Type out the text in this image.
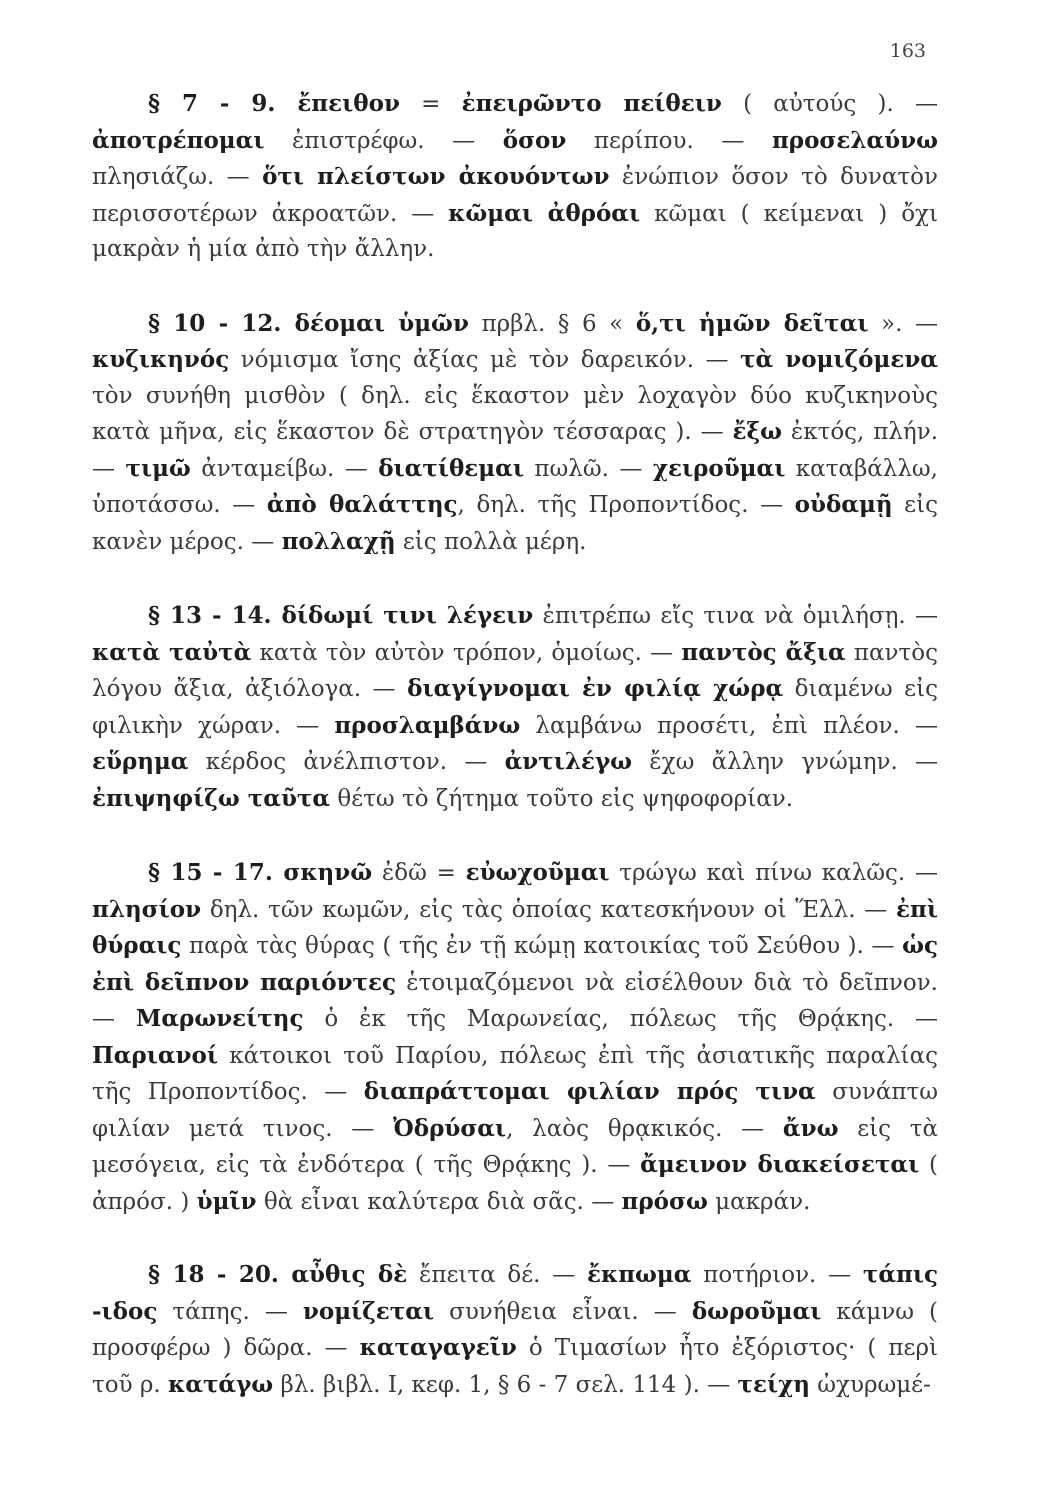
163

§ 7 - 9. ἔπειθον = ἐπειρῶντο πείθειν ( αὐτούς ). — ἀποτρέπομαι ἐπιστρέφω. — ὅσον περίπου. — προσελαύνω πλησιάζω. — ὅτι πλείστων ἀκουόντων ἐνώπιον ὅσον τὸ δυνατὸν περισσοτέρων ἀκροατῶν. — κῶμαι ἀθρόαι κῶμαι ( κείμεναι ) ὄχι μακρὰν ἡ μία ἀπὸ τὴν ἄλλην.

§ 10 - 12. δέομαι ὑμῶν πρβλ. § 6 « ὅ,τι ἡμῶν δεῖται ». — κυζικηνός νόμισμα ἴσης ἀξίας μὲ τὸν δαρεικόν. — τὰ νομιζόμενα τὸν συνήθη μισθὸν ( δηλ. εἰς ἕκαστον μὲν λοχαγὸν δύο κυζικηνοὺς κατὰ μῆνα, εἰς ἕκαστον δὲ στρατηγὸν τέσσαρας ). — ἔξω ἐκτός, πλήν. — τιμῶ ἀνταμείβω. — διατίθεμαι πωλῶ. — χειροῦμαι καταβάλλω, ὑποτάσσω. — ἀπὸ θαλάττης, δηλ. τῆς Προποντίδος. — οὐδαμῇ εἰς κανὲν μέρος. — πολλαχῇ εἰς πολλὰ μέρη.

§ 13 - 14. δίδωμί τινι λέγειν ἐπιτρέπω εἴς τινα νὰ ὁμιλήσῃ. — κατὰ ταὐτὰ κατὰ τὸν αὐτὸν τρόπον, ὁμοίως. — παντὸς ἄξια παντὸς λόγου ἄξια, ἀξιόλογα. — διαγίγνομαι ἐν φιλίᾳ χώρᾳ διαμένω εἰς φιλικὴν χώραν. — προσλαμβάνω λαμβάνω προσέτι, ἐπὶ πλέον. — εὕρημα κέρδος ἀνέλπιστον. — ἀντιλέγω ἔχω ἄλλην γνώμην. — ἐπιψηφίζω ταῦτα θέτω τὸ ζήτημα τοῦτο εἰς ψηφοφορίαν.

§ 15 - 17. σκηνῶ ἐδῶ = εὐωχοῦμαι τρώγω καὶ πίνω καλῶς. — πλησίον δηλ. τῶν κωμῶν, εἰς τὰς ὁποίας κατεσκήνουν οἱ Ἕλλ. — ἐπὶ θύραις παρὰ τὰς θύρας ( τῆς ἐν τῇ κώμῃ κατοικίας τοῦ Σεύθου ). — ὡς ἐπὶ δεῖπνον παριόντες ἑτοιμαζόμενοι νὰ εἰσέλθουν διὰ τὸ δεῖπνον. — Μαρωνείτης ὁ ἐκ τῆς Μαρωνείας, πόλεως τῆς Θρᾴκης. — Παριανοί κάτοικοι τοῦ Παρίου, πόλεως ἐπὶ τῆς ἀσιατικῆς παραλίας τῆς Προποντίδος. — διαπράττομαι φιλίαν πρός τινα συνάπτω φιλίαν μετά τινος. — Ὀδρύσαι, λαὸς θρᾳκικός. — ἄνω εἰς τὰ μεσόγεια, εἰς τὰ ἐνδότερα ( τῆς Θρᾴκης ). — ἄμεινον διακείσεται ( ἀπρόσ. ) ὑμῖν θὰ εἶναι καλύτερα διὰ σᾶς. — πρόσω μακράν.

§ 18 - 20. αὖθις δὲ ἔπειτα δέ. — ἔκπωμα ποτήριον. — τάπις -ιδος τάπης. — νομίζεται συνήθεια εἶναι. — δωροῦμαι κάμνω ( προσφέρω ) δῶρα. — καταγαγεῖν ὁ Τιμασίων ἦτο ἐξόριστος· ( περὶ τοῦ ρ. κατάγω βλ. βιβλ. Ι, κεφ. 1, § 6 - 7 σελ. 114 ). — τείχη ὠχυρωμέ-
